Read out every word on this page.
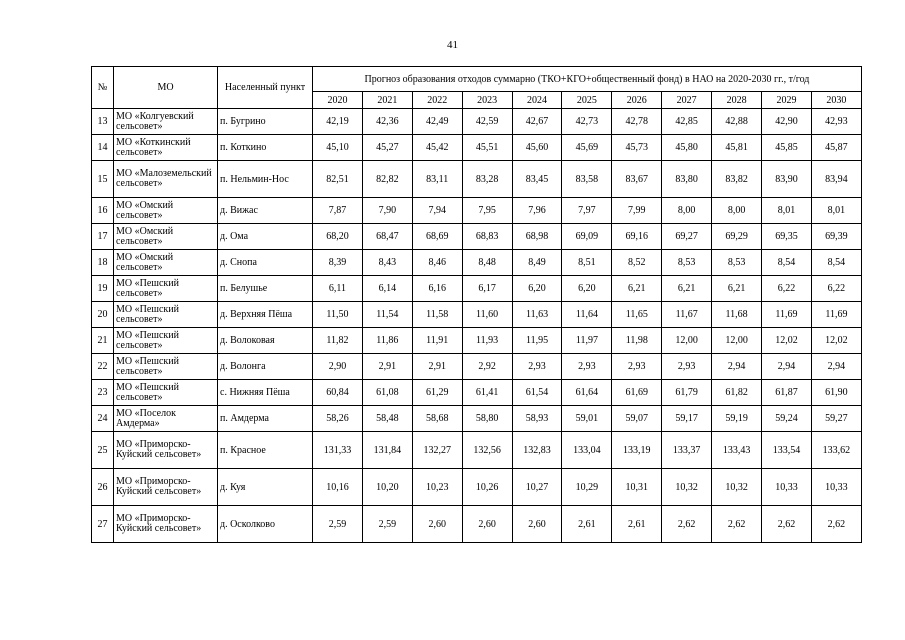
41
№	МО	Населенный пункт	Прогноз образования отходов суммарно (ТКО+КГО+общественный фонд) в НАО на 2020-2030 гг., т/год										
			2020	2021	2022	2023	2024	2025	2026	2027	2028	2029	2030
13	МО «Колгуевский сельсовет»	п. Бугрино	42,19	42,36	42,49	42,59	42,67	42,73	42,78	42,85	42,88	42,90	42,93
14	МО «Коткинский сельсовет»	п. Коткино	45,10	45,27	45,42	45,51	45,60	45,69	45,73	45,80	45,81	45,85	45,87
15	МО «Малоземельский сельсовет»	п. Нельмин-Нос	82,51	82,82	83,11	83,28	83,45	83,58	83,67	83,80	83,82	83,90	83,94
16	МО «Омский сельсовет»	д. Вижас	7,87	7,90	7,94	7,95	7,96	7,97	7,99	8,00	8,00	8,01	8,01
17	МО «Омский сельсовет»	д. Ома	68,20	68,47	68,69	68,83	68,98	69,09	69,16	69,27	69,29	69,35	69,39
18	МО «Омский сельсовет»	д. Снопа	8,39	8,43	8,46	8,48	8,49	8,51	8,52	8,53	8,53	8,54	8,54
19	МО «Пешский сельсовет»	п. Белушье	6,11	6,14	6,16	6,17	6,20	6,20	6,21	6,21	6,21	6,22	6,22
20	МО «Пешский сельсовет»	д. Верхняя Пёша	11,50	11,54	11,58	11,60	11,63	11,64	11,65	11,67	11,68	11,69	11,69
21	МО «Пешский сельсовет»	д. Волоковая	11,82	11,86	11,91	11,93	11,95	11,97	11,98	12,00	12,00	12,02	12,02
22	МО «Пешский сельсовет»	д. Волонга	2,90	2,91	2,91	2,92	2,93	2,93	2,93	2,93	2,94	2,94	2,94
23	МО «Пешский сельсовет»	с. Нижняя Пёша	60,84	61,08	61,29	61,41	61,54	61,64	61,69	61,79	61,82	61,87	61,90
24	МО «Поселок Амдерма»	п. Амдерма	58,26	58,48	58,68	58,80	58,93	59,01	59,07	59,17	59,19	59,24	59,27
25	МО «Приморско-Куйский сельсовет»	п. Красное	131,33	131,84	132,27	132,56	132,83	133,04	133,19	133,37	133,43	133,54	133,62
26	МО «Приморско-Куйский сельсовет»	д. Куя	10,16	10,20	10,23	10,26	10,27	10,29	10,31	10,32	10,32	10,33	10,33
27	МО «Приморско-Куйский сельсовет»	д. Осколково	2,59	2,59	2,60	2,60	2,60	2,61	2,61	2,62	2,62	2,62	2,62
